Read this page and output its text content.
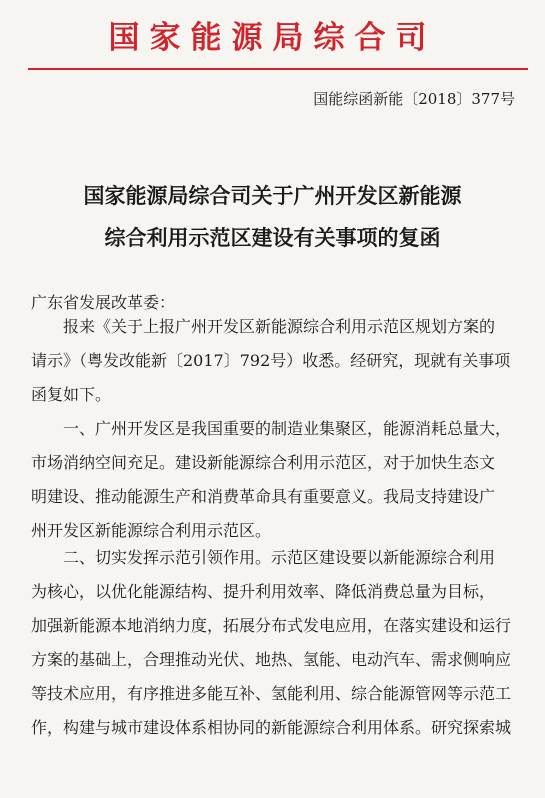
国家能源局综合司
国能综函新能〔2018〕377号
国家能源局综合司关于广州开发区新能源
综合利用示范区建设有关事项的复函
广东省发展改革委：
报来《关于上报广州开发区新能源综合利用示范区规划方案的
请示》（粤发改能新〔2017〕792号）收悉。经研究，现就有关事项
函复如下。
一、广州开发区是我国重要的制造业集聚区，能源消耗总量大，
市场消纳空间充足。建设新能源综合利用示范区，对于加快生态文
明建设、推动能源生产和消费革命具有重要意义。我局支持建设广
州开发区新能源综合利用示范区。
二、切实发挥示范引领作用。示范区建设要以新能源综合利用
为核心，以优化能源结构、提升利用效率、降低消费总量为目标，
加强新能源本地消纳力度，拓展分布式发电应用，在落实建设和运行
方案的基础上，合理推动光伏、地热、氢能、电动汽车、需求侧响应
等技术应用，有序推进多能互补、氢能利用、综合能源管网等示范工
作，构建与城市建设体系相协同的新能源综合利用体系。研究探索城
